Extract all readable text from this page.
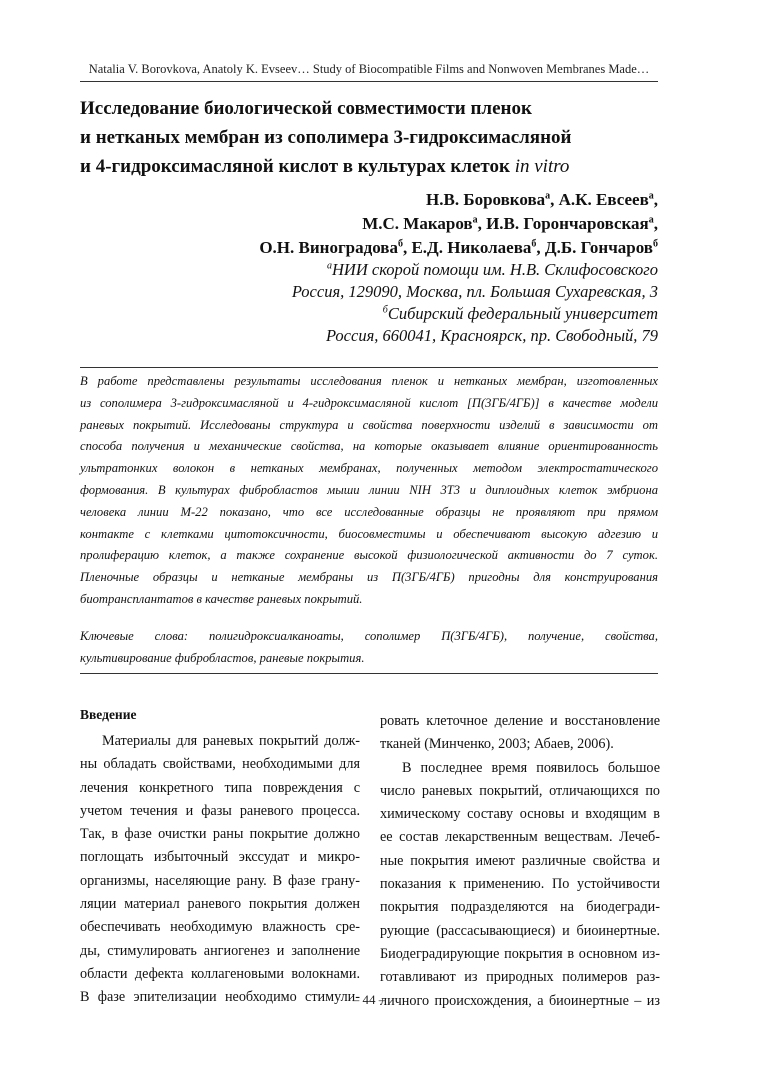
Natalia V. Borovkova, Anatoly K. Evseev… Study of Biocompatible Films and Nonwoven Membranes Made…
Исследование биологической совместимости пленок
и нетканых мембран из сополимера 3-гидроксимасляной
и 4-гидроксимасляной кислот в культурах клеток in vitro
Н.В. Боровкова$^а$, А.К. Евсеев$^а$,
М.С. Макаров$^а$, И.В. Горончаровская$^а$,
О.Н. Виноградова$^б$, Е.Д. Николаева$^б$, Д.Б. Гончаров$^б$
$^а$НИИ скорой помощи им. Н.В. Склифосовского
Россия, 129090, Москва, пл. Большая Сухаревская, 3
$^б$Сибирский федеральный университет
Россия, 660041, Красноярск, пр. Свободный, 79
В работе представлены результаты исследования пленок и нетканых мембран, изготовленных
из сополимера 3-гидроксимасляной и 4-гидроксимасляной кислот [П(3ГБ/4ГБ)] в качестве модели
раневых покрытий. Исследованы структура и свойства поверхности изделий в зависимости от
способа получения и механические свойства, на которые оказывает влияние ориентированность
ультратонких волокон в нетканых мембранах, полученных методом электростатического
формования. В культурах фибробластов мыши линии NIH 3T3 и диплоидных клеток эмбриона
человека линии М-22 показано, что все исследованные образцы не проявляют при прямом
контакте с клетками цитотоксичности, биосовместимы и обеспечивают высокую адгезию и
пролиферацию клеток, а также сохранение высокой физиологической активности до 7 суток.
Пленочные образцы и нетканые мембраны из П(3ГБ/4ГБ) пригодны для конструирования
биотрансплантатов в качестве раневых покрытий.
Ключевые слова: полигидроксиалканоаты, сополимер П(3ГБ/4ГБ), получение, свойства,
культивирование фибробластов, раневые покрытия.
Введение
Материалы для раневых покрытий долж-
ны обладать свойствами, необходимыми для
лечения конкретного типа повреждения с
учетом течения и фазы раневого процесса.
Так, в фазе очистки раны покрытие должно
поглощать избыточный экссудат и микро-
организмы, населяющие рану. В фазе грану-
ляции материал раневого покрытия должен
обеспечивать необходимую влажность сре-
ды, стимулировать ангиогенез и заполнение
области дефекта коллагеновыми волокнами.
В фазе эпителизации необходимо стимули-
ровать клеточное деление и восстановление
тканей (Минченко, 2003; Абаев, 2006).
В последнее время появилось большое
число раневых покрытий, отличающихся по
химическому составу основы и входящим в
ее состав лекарственным веществам. Лечеб-
ные покрытия имеют различные свойства и
показания к применению. По устойчивости
покрытия подразделяются на биодегради-
рующие (рассасывающиеся) и биоинертные.
Биодеградирующие покрытия в основном из-
готавливают из природных полимеров раз-
личного происхождения, а биоинертные – из
– 44 –
